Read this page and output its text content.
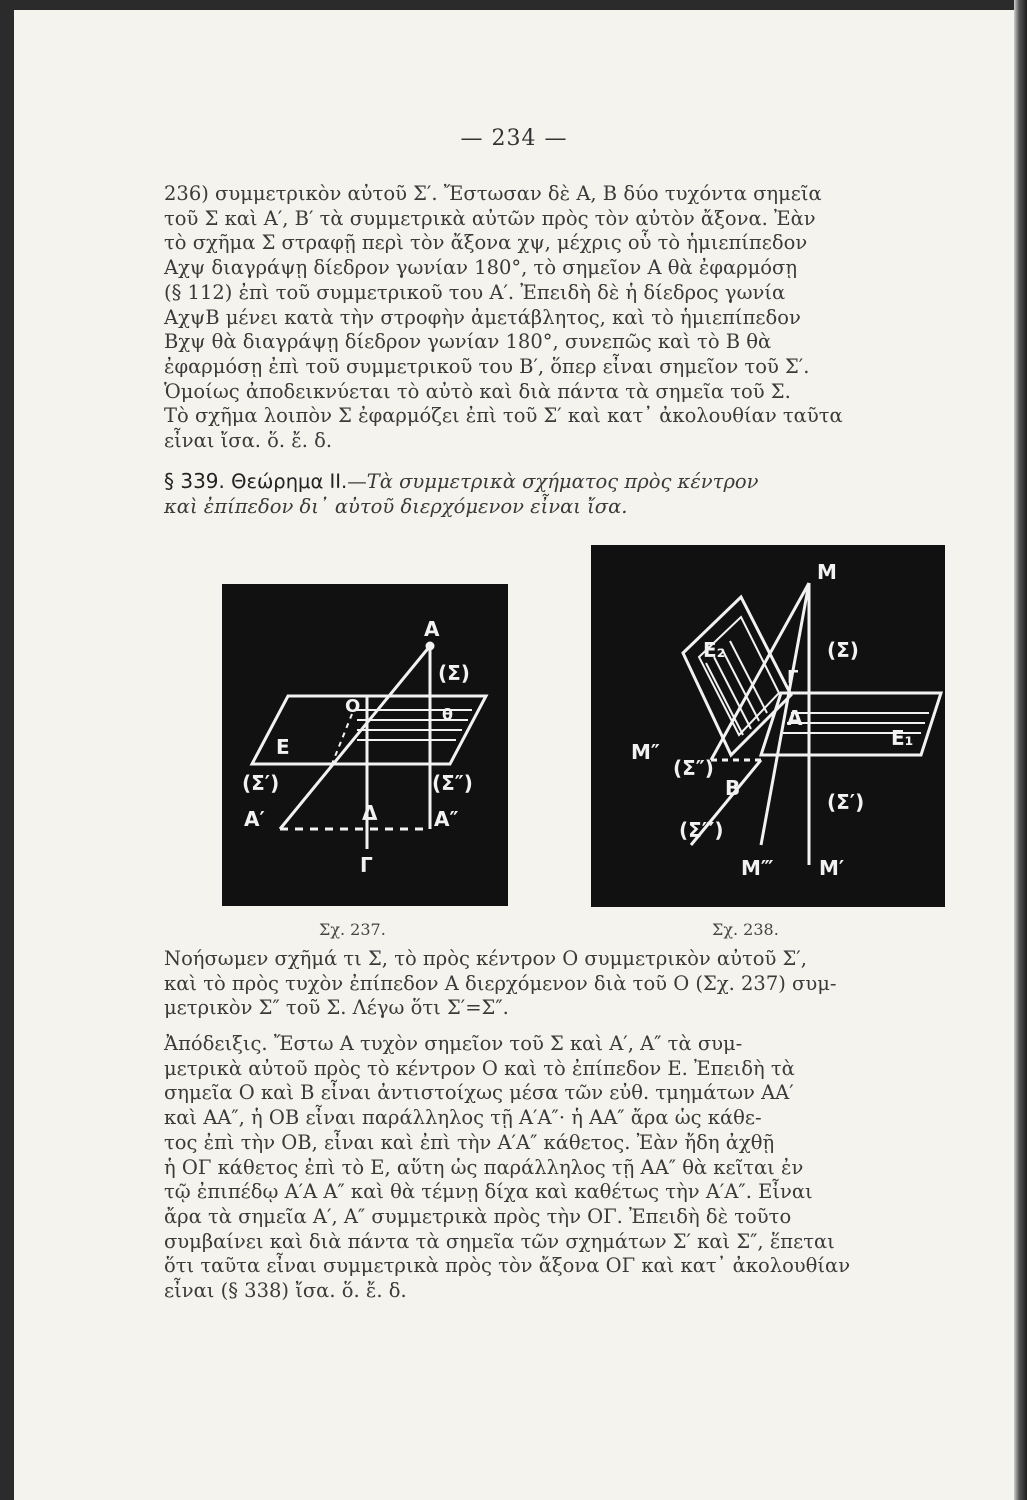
— 234 —
236) συμμετρικὸν αὐτοῦ Σ′. Ἔστωσαν δὲ Α, Β δύο τυχόντα σημεῖα
τοῦ Σ καὶ Α′, Β′ τὰ συμμετρικὰ αὐτῶν πρὸς τὸν αὐτὸν ἄξονα. Ἐὰν
τὸ σχῆμα Σ στραφῇ περὶ τὸν ἄξονα χψ, μέχρις οὗ τὸ ἡμιεπίπεδον
Αχψ διαγράψῃ δίεδρον γωνίαν 180°, τὸ σημεῖον Α θὰ ἐφαρμόσῃ
(§ 112) ἐπὶ τοῦ συμμετρικοῦ του Α′. Ἐπειδὴ δὲ ἡ δίεδρος γωνία
ΑχψΒ μένει κατὰ τὴν στροφὴν ἀμετάβλητος, καὶ τὸ ἡμιεπίπεδον
Βχψ θὰ διαγράψῃ δίεδρον γωνίαν 180°, συνεπῶς καὶ τὸ Β θὰ
ἐφαρμόσῃ ἐπὶ τοῦ συμμετρικοῦ του Β′, ὅπερ εἶναι σημεῖον τοῦ Σ′.
Ὁμοίως ἀποδεικνύεται τὸ αὐτὸ καὶ διὰ πάντα τὰ σημεῖα τοῦ Σ.
Τὸ σχῆμα λοιπὸν Σ ἐφαρμόζει ἐπὶ τοῦ Σ′ καὶ κατ᾽ ἀκολουθίαν ταῦτα
εἶναι ἴσα. ὅ. ἔ. δ.
§ 339. Θεώρημα ΙΙ.—Τὰ συμμετρικὰ σχήματος πρὸς κέντρον
καὶ ἐπίπεδον δι᾽ αὐτοῦ διερχόμενον εἶναι ἴσα.
Α
(Σ)
Ο	θ
Ε
(Σ′)	(Σ″)
Α′	Δ	Α″
Γ
Μ
Ε₂	(Σ)
Γ
Α
Ε₁
Μ″
(Σ″)
Β
(Σ′)
(Σ‴)
Μ‴ Μ′
Σχ. 237.	Σχ. 238.
Νοήσωμεν σχῆμά τι Σ, τὸ πρὸς κέντρον Ο συμμετρικὸν αὐτοῦ Σ′,
καὶ τὸ πρὸς τυχὸν ἐπίπεδον Α διερχόμενον διὰ τοῦ Ο (Σχ. 237) συμ-
μετρικὸν Σ″ τοῦ Σ. Λέγω ὅτι Σ′=Σ″.
Ἀπόδειξις. Ἔστω Α τυχὸν σημεῖον τοῦ Σ καὶ Α′, Α″ τὰ συμ-
μετρικὰ αὐτοῦ πρὸς τὸ κέντρον Ο καὶ τὸ ἐπίπεδον Ε. Ἐπειδὴ τὰ
σημεῖα Ο καὶ Β εἶναι ἀντιστοίχως μέσα τῶν εὐθ. τμημάτων ΑΑ′
καὶ ΑΑ″, ἡ ΟΒ εἶναι παράλληλος τῇ Α′Α″· ἡ ΑΑ″ ἄρα ὡς κάθε-
τος ἐπὶ τὴν ΟΒ, εἶναι καὶ ἐπὶ τὴν Α′Α″ κάθετος. Ἐὰν ἤδη ἀχθῇ
ἡ ΟΓ κάθετος ἐπὶ τὸ Ε, αὕτη ὡς παράλληλος τῇ ΑΑ″ θὰ κεῖται ἐν
τῷ ἐπιπέδῳ Α′Α Α″ καὶ θὰ τέμνῃ δίχα καὶ καθέτως τὴν Α′Α″. Εἶναι
ἄρα τὰ σημεῖα Α′, Α″ συμμετρικὰ πρὸς τὴν ΟΓ. Ἐπειδὴ δὲ τοῦτο
συμβαίνει καὶ διὰ πάντα τὰ σημεῖα τῶν σχημάτων Σ′ καὶ Σ″, ἕπεται
ὅτι ταῦτα εἶναι συμμετρικὰ πρὸς τὸν ἄξονα ΟΓ καὶ κατ᾽ ἀκολουθίαν
εἶναι (§ 338) ἴσα. ὅ. ἔ. δ.
